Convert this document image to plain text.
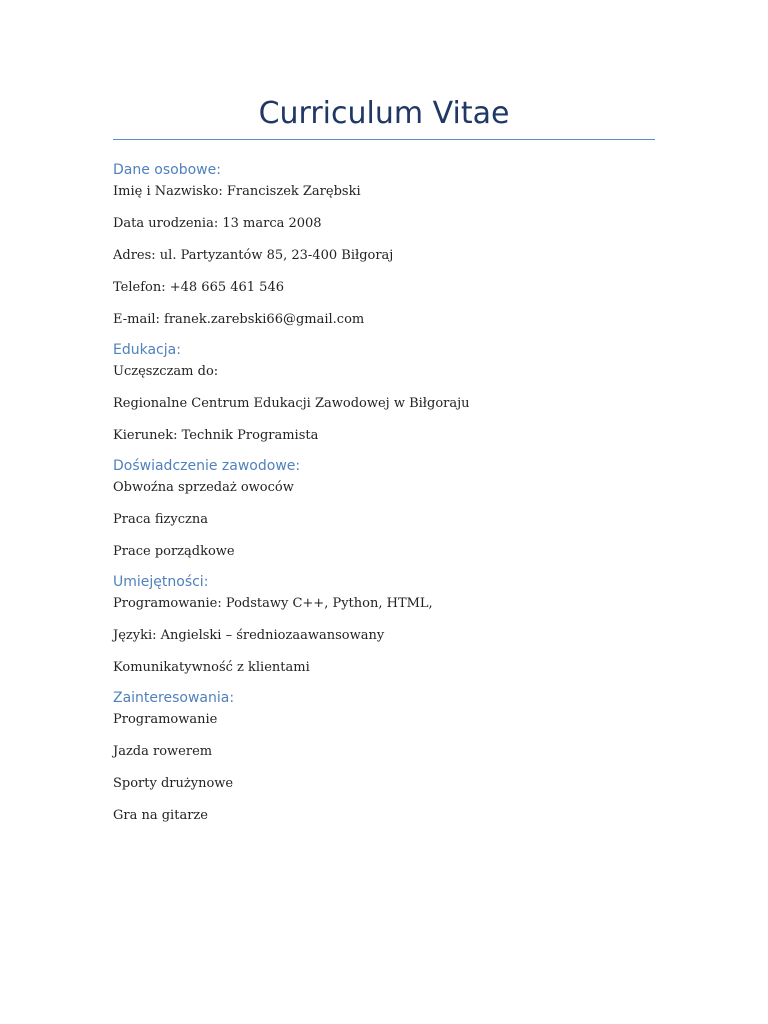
Curriculum Vitae
Dane osobowe:
Imię i Nazwisko: Franciszek Zarębski
Data urodzenia: 13 marca 2008
Adres: ul. Partyzantów 85, 23-400 Biłgoraj
Telefon: +48 665 461 546
E-mail: franek.zarebski66@gmail.com
Edukacja:
Uczęszczam do:
Regionalne Centrum Edukacji Zawodowej w Biłgoraju
Kierunek: Technik Programista
Doświadczenie zawodowe:
Obwoźna sprzedaż owoców
Praca fizyczna
Prace porządkowe
Umiejętności:
Programowanie: Podstawy C++, Python, HTML,
Języki: Angielski – średniozaawansowany
Komunikatywność z klientami
Zainteresowania:
Programowanie
Jazda rowerem
Sporty drużynowe
Gra na gitarze
